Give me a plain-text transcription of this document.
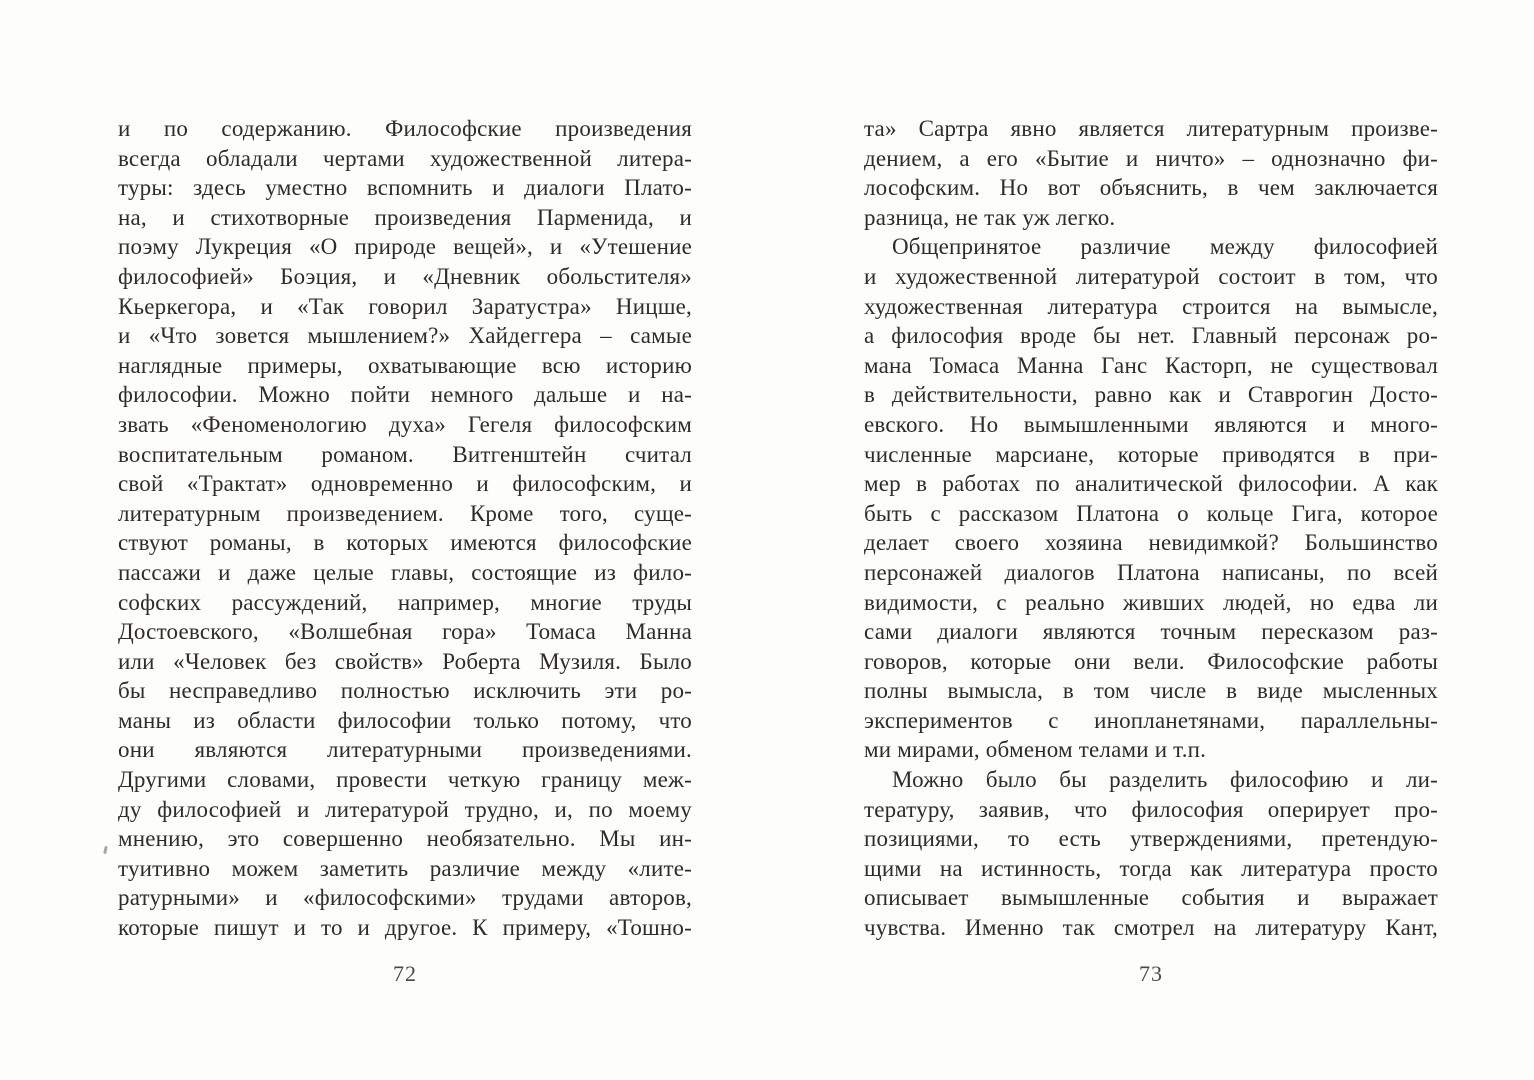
и по содержанию. Философские произведения
всегда обладали чертами художественной литера-
туры: здесь уместно вспомнить и диалоги Плато-
на, и стихотворные произведения Парменида, и
поэму Лукреция «О природе вещей», и «Утешение
философией» Боэция, и «Дневник обольстителя»
Кьеркегора, и «Так говорил Заратустра» Ницше,
и «Что зовется мышлением?» Хайдеггера – самые
наглядные примеры, охватывающие всю историю
философии. Можно пойти немного дальше и на-
звать «Феноменологию духа» Гегеля философским
воспитательным романом. Витгенштейн считал
свой «Трактат» одновременно и философским, и
литературным произведением. Кроме того, суще-
ствуют романы, в которых имеются философские
пассажи и даже целые главы, состоящие из фило-
софских рассуждений, например, многие труды
Достоевского, «Волшебная гора» Томаса Манна
или «Человек без свойств» Роберта Музиля. Было
бы несправедливо полностью исключить эти ро-
маны из области философии только потому, что
они являются литературными произведениями.
Другими словами, провести четкую границу меж-
ду философией и литературой трудно, и, по моему
мнению, это совершенно необязательно. Мы ин-
туитивно можем заметить различие между «лите-
ратурными» и «философскими» трудами авторов,
которые пишут и то и другое. К примеру, «Тошно-
та» Сартра явно является литературным произве-
дением, а его «Бытие и ничто» – однозначно фи-
лософским. Но вот объяснить, в чем заключается
разница, не так уж легко.
Общепринятое различие между философией
и художественной литературой состоит в том, что
художественная литература строится на вымысле,
а философия вроде бы нет. Главный персонаж ро-
мана Томаса Манна Ганс Касторп, не существовал
в действительности, равно как и Ставрогин Досто-
евского. Но вымышленными являются и много-
численные марсиане, которые приводятся в при-
мер в работах по аналитической философии. А как
быть с рассказом Платона о кольце Гига, которое
делает своего хозяина невидимкой? Большинство
персонажей диалогов Платона написаны, по всей
видимости, с реально живших людей, но едва ли
сами диалоги являются точным пересказом раз-
говоров, которые они вели. Философские работы
полны вымысла, в том числе в виде мысленных
экспериментов с инопланетянами, параллельны-
ми мирами, обменом телами и т.п.
Можно было бы разделить философию и ли-
тературу, заявив, что философия оперирует про-
позициями, то есть утверждениями, претендую-
щими на истинность, тогда как литература просто
описывает вымышленные события и выражает
чувства. Именно так смотрел на литературу Кант,
72	73
